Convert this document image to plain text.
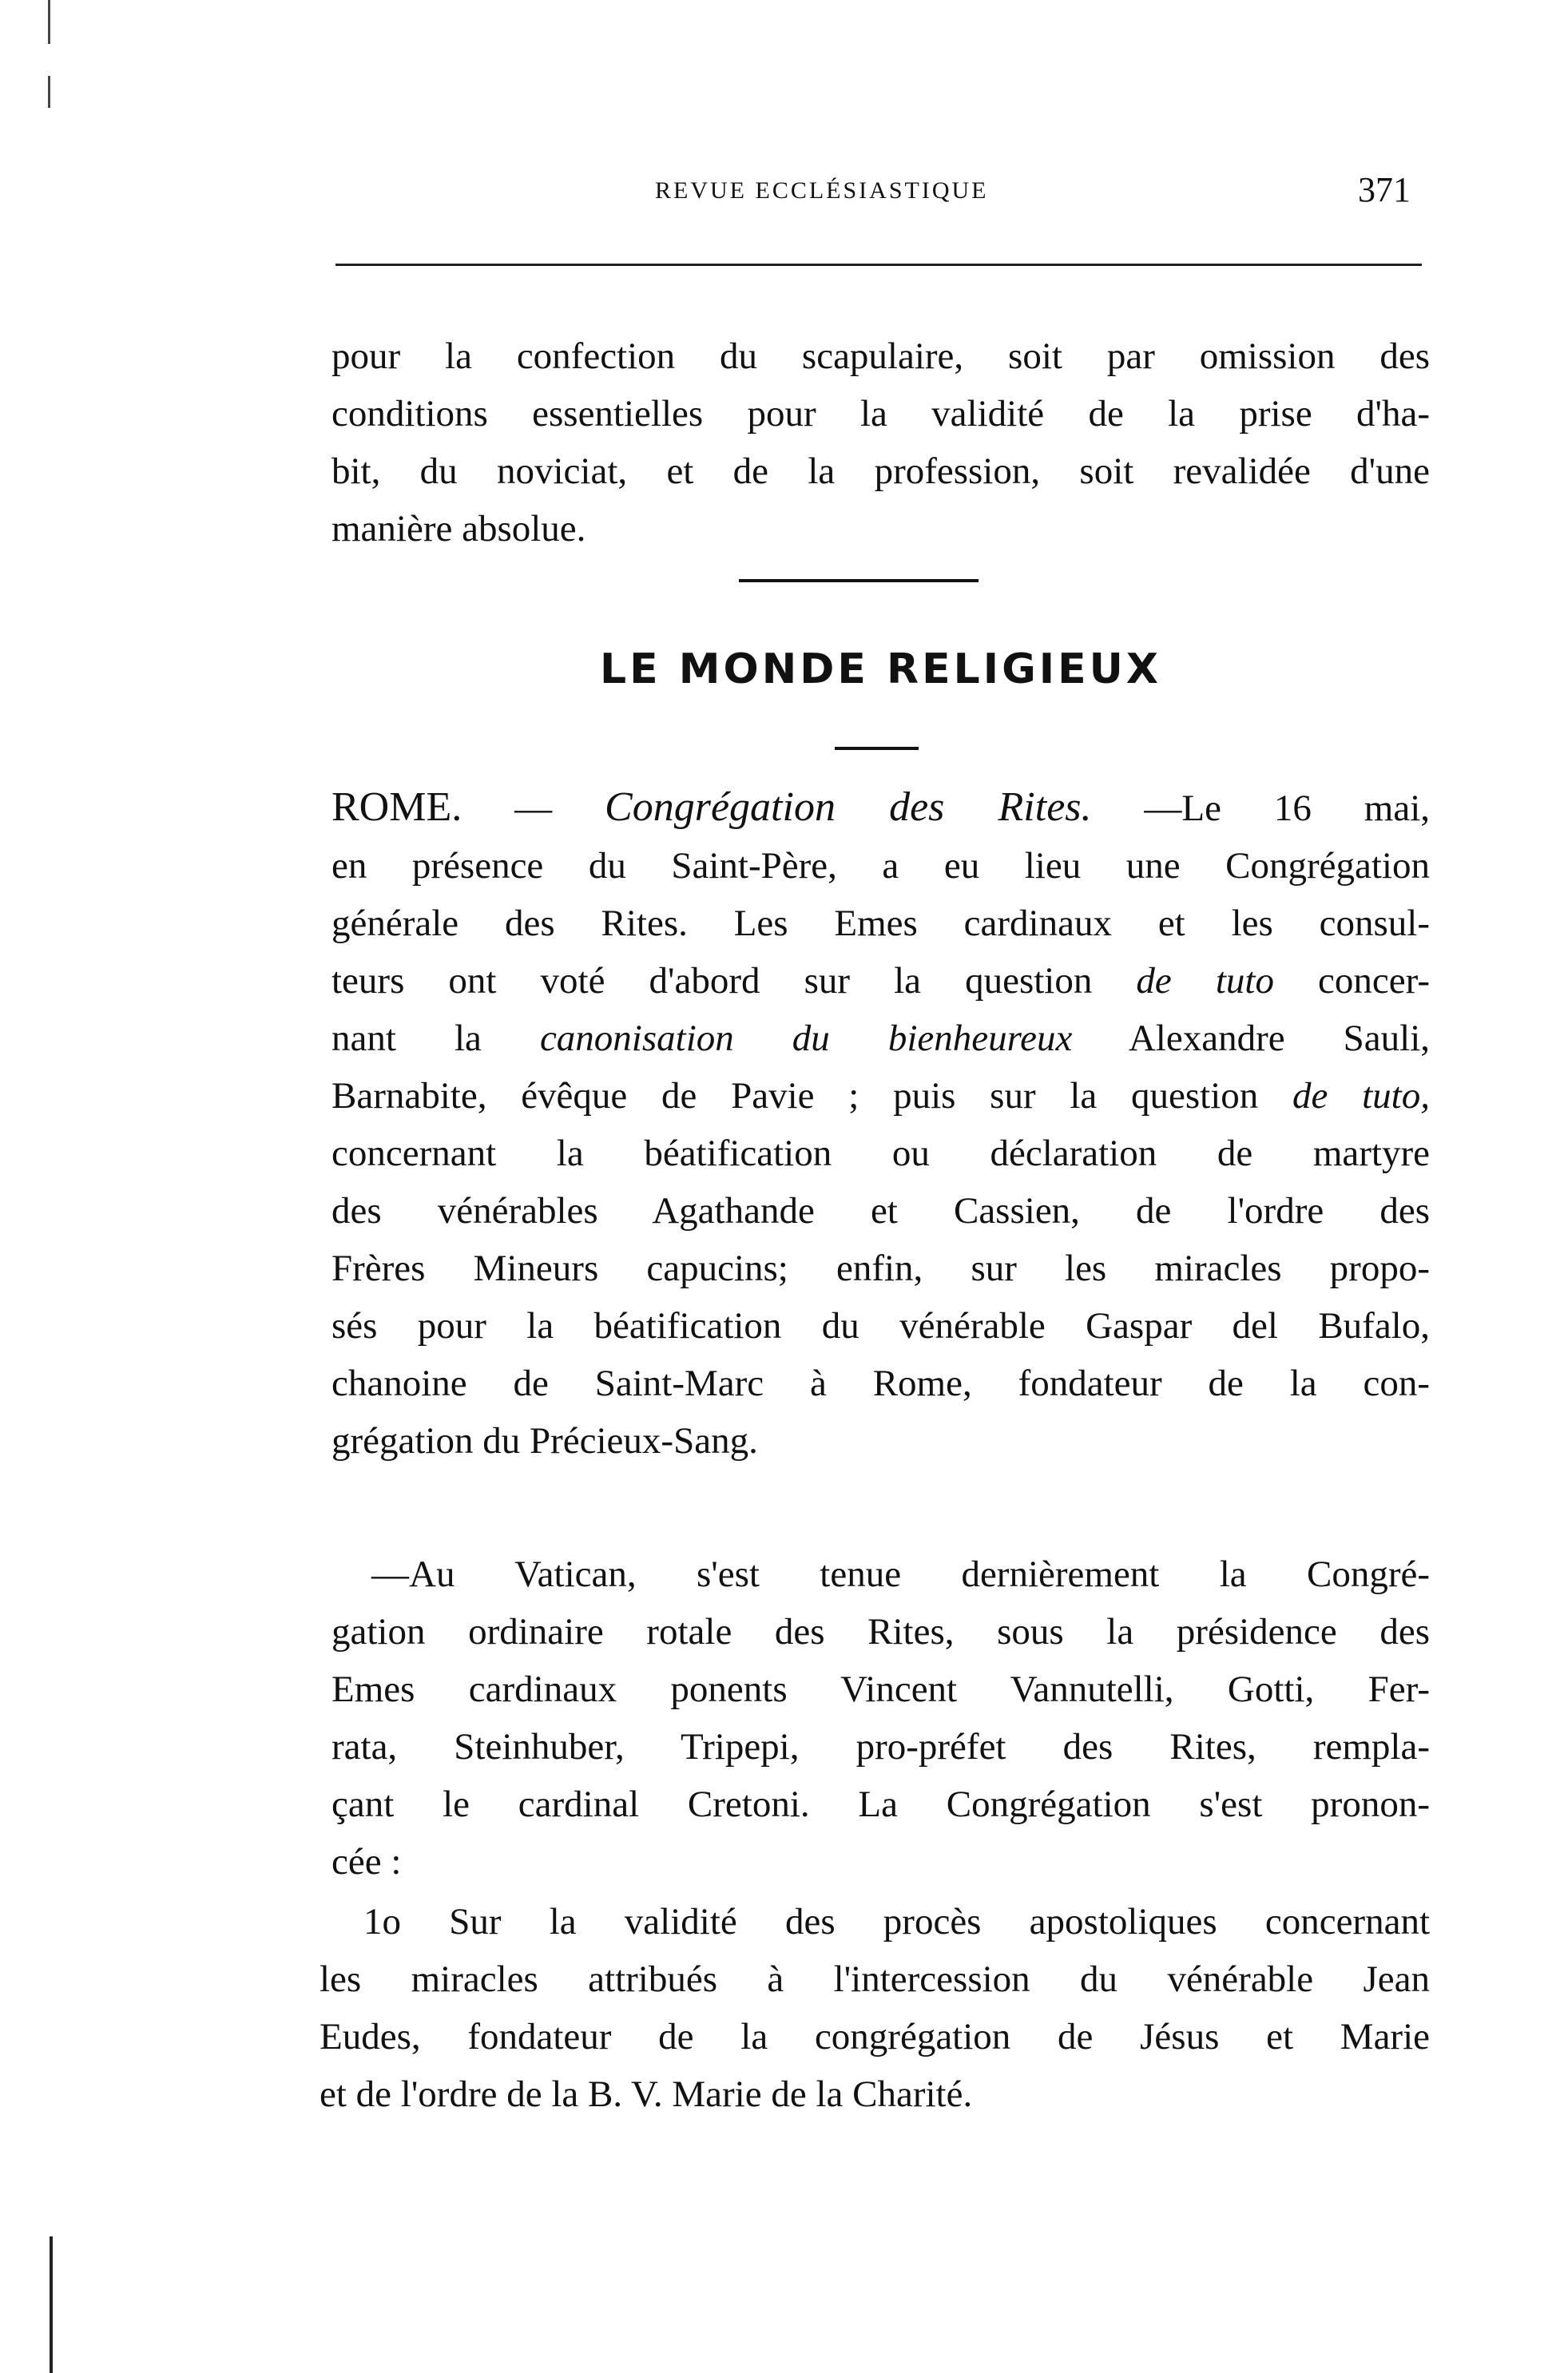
REVUE ECCLÉSIASTIQUE	371
pour la confection du scapulaire, soit par omission des
conditions essentielles pour la validité de la prise d'ha-
bit, du noviciat, et de la profession, soit revalidée d'une
manière absolue.
LE MONDE RELIGIEUX
ROME. — Congrégation des Rites. —Le 16 mai,
en présence du Saint-Père, a eu lieu une Congrégation
générale des Rites. Les Emes cardinaux et les consul-
teurs ont voté d'abord sur la question de tuto concer-
nant la canonisation du bienheureux Alexandre Sauli,
Barnabite, évêque de Pavie ; puis sur la question de tuto,
concernant la béatification ou déclaration de martyre
des vénérables Agathande et Cassien, de l'ordre des
Frères Mineurs capucins; enfin, sur les miracles propo-
sés pour la béatification du vénérable Gaspar del Bufalo,
chanoine de Saint-Marc à Rome, fondateur de la con-
grégation du Précieux-Sang.
—Au Vatican, s'est tenue dernièrement la Congré-
gation ordinaire rotale des Rites, sous la présidence des
Emes cardinaux ponents Vincent Vannutelli, Gotti, Fer-
rata, Steinhuber, Tripepi, pro-préfet des Rites, rempla-
çant le cardinal Cretoni. La Congrégation s'est pronon-
cée :
1o Sur la validité des procès apostoliques concernant
les miracles attribués à l'intercession du vénérable Jean
Eudes, fondateur de la congrégation de Jésus et Marie
et de l'ordre de la B. V. Marie de la Charité.
